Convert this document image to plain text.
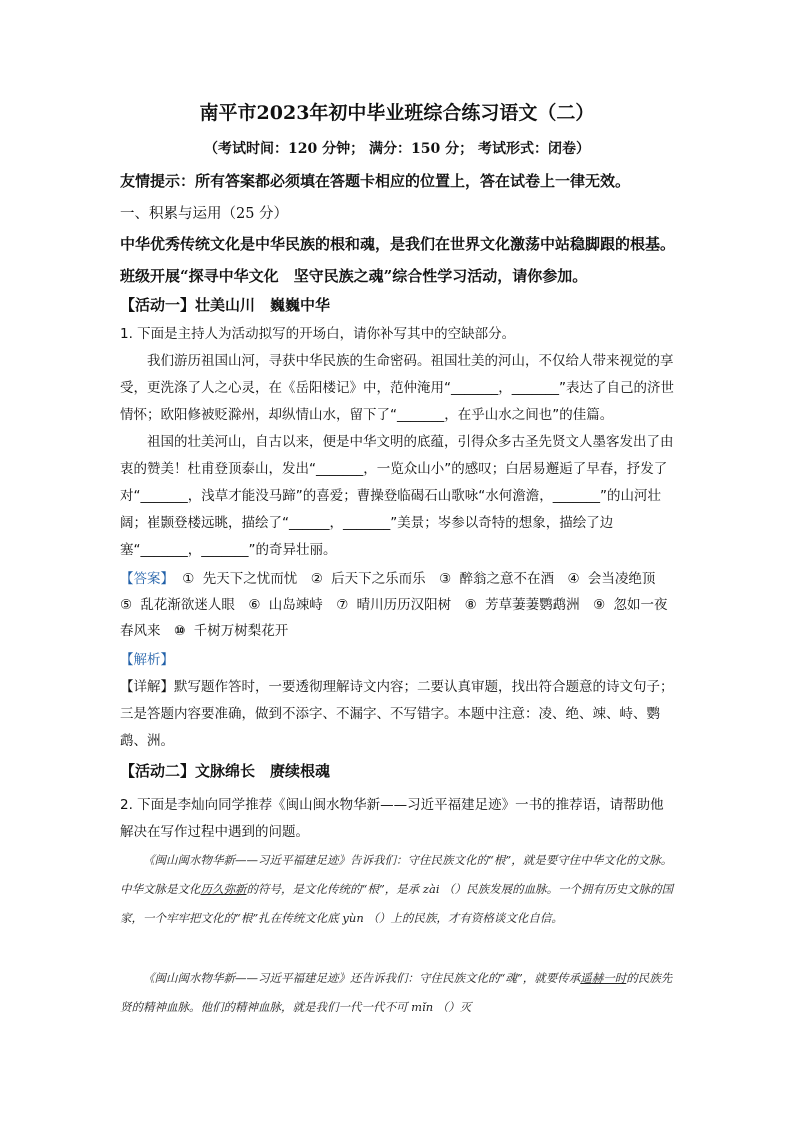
南平市2023年初中毕业班综合练习语文（二）

（考试时间：120 分钟； 满分：150 分； 考试形式：闭卷）

友情提示：所有答案都必须填在答题卡相应的位置上，答在试卷上一律无效。

一、积累与运用（25 分）

中华优秀传统文化是中华民族的根和魂，是我们在世界文化激荡中站稳脚跟的根基。班级开展“探寻中华文化　坚守民族之魂”综合性学习活动，请你参加。

【活动一】壮美山川　巍巍中华

1. 下面是主持人为活动拟写的开场白，请你补写其中的空缺部分。

我们游历祖国山河，寻获中华民族的生命密码。祖国壮美的河山，不仅给人带来视觉的享受，更洗涤了人之心灵，在《岳阳楼记》中，范仲淹用“_______，_______”表达了自己的济世情怀；欧阳修被贬滁州，却纵情山水，留下了“_______，在乎山水之间也”的佳篇。

祖国的壮美河山，自古以来，便是中华文明的底蕴，引得众多古圣先贤文人墨客发出了由衷的赞美！杜甫登顶泰山，发出“_______，一览众山小”的感叹；白居易邂逅了早春，抒发了对“_______，浅草才能没马蹄”的喜爱；曹操登临碣石山歌咏“水何澹澹，_______”的山河壮阔；崔颢登楼远眺，描绘了“______，_______”美景；岑参以奇特的想象，描绘了边塞“_______，_______”的奇异壮丽。

【答案】 ① 先天下之忧而忧　② 后天下之乐而乐　③ 醉翁之意不在酒　④ 会当凌绝顶　⑤ 乱花渐欲迷人眼　⑥ 山岛竦峙　⑦ 晴川历历汉阳树　⑧ 芳草萋萋鹦鹉洲　⑨ 忽如一夜春风来　⑩ 千树万树梨花开

【解析】

【详解】默写题作答时，一要透彻理解诗文内容；二要认真审题，找出符合题意的诗文句子；三是答题内容要准确，做到不添字、不漏字、不写错字。本题中注意：凌、绝、竦、峙、鹦鹉、洲。

【活动二】文脉绵长　赓续根魂

2. 下面是李灿向同学推荐《闽山闽水物华新——习近平福建足迹》一书的推荐语，请帮助他解决在写作过程中遇到的问题。

《闽山闽水物华新——习近平福建足迹》告诉我们：守住民族文化的“根”，就是要守住中华文化的文脉。中华文脉是文化历久弥新的符号，是文化传统的“根”，是承 zài （）民族发展的血脉。一个拥有历史文脉的国家，一个牢牢把文化的“根”扎在传统文化底 yùn （）上的民族，才有资格谈文化自信。

《闽山闽水物华新——习近平福建足迹》还告诉我们：守住民族文化的“魂”，就要传承遥赫一时的民族先贤的精神血脉。他们的精神血脉，就是我们一代一代不可 mǐn （）灭
